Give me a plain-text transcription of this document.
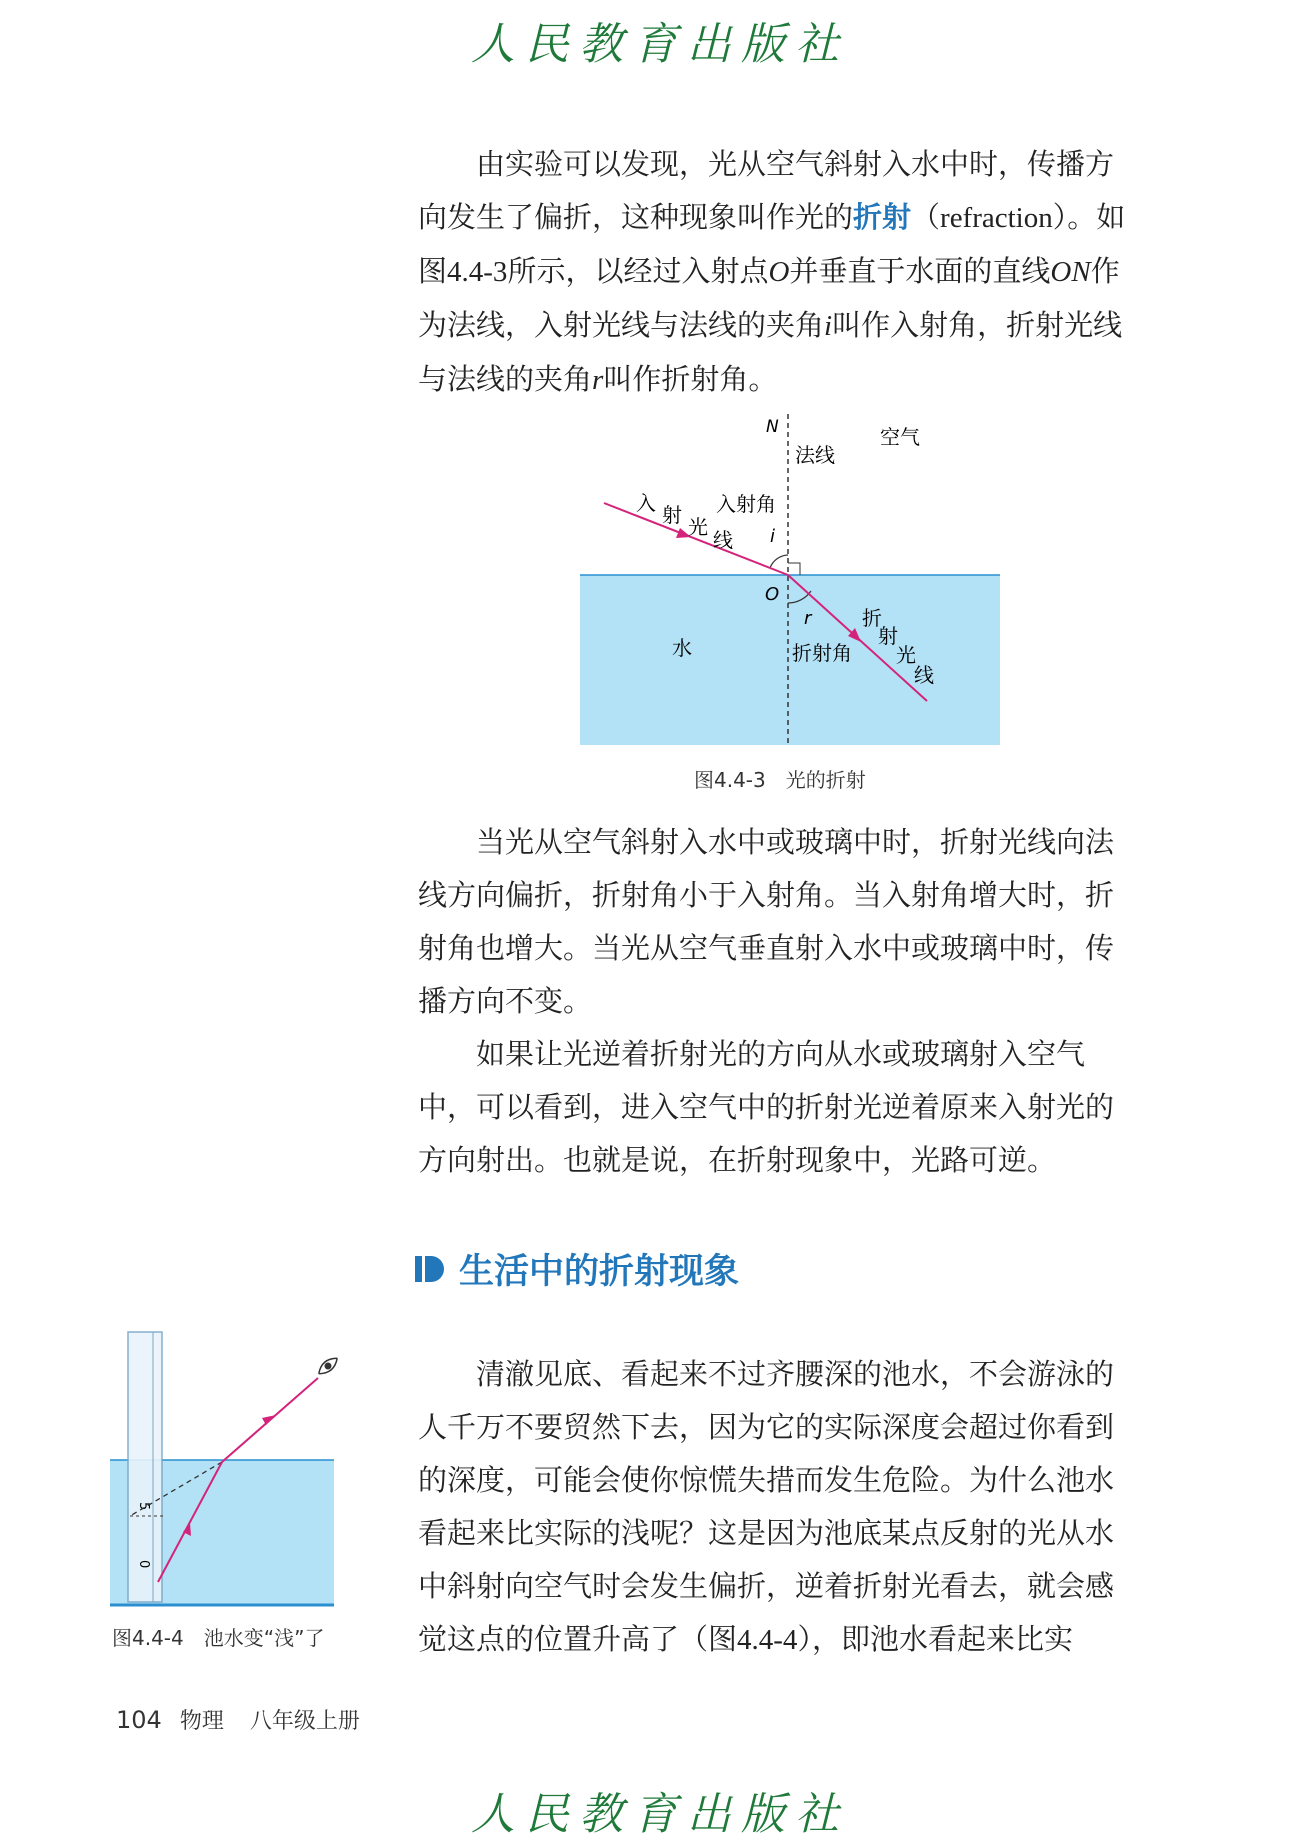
人民教育出版社

由实验可以发现，光从空气斜射入水中时，传播方向发生了偏折，这种现象叫作光的折射（refraction）。如图4.4-3所示，以经过入射点O并垂直于水面的直线ON作为法线，入射光线与法线的夹角i叫作入射角，折射光线与法线的夹角r叫作折射角。

N
法线
空气
入 射 光
线
入射角
i
O
r
水	折射角
折
射
光
线
图4.4-3　光的折射

当光从空气斜射入水中或玻璃中时，折射光线向法线方向偏折，折射角小于入射角。当入射角增大时，折射角也增大。当光从空气垂直射入水中或玻璃中时，传播方向不变。

如果让光逆着折射光的方向从水或玻璃射入空气中，可以看到，进入空气中的折射光逆着原来入射光的方向射出。也就是说，在折射现象中，光路可逆。

生活中的折射现象
5
0
图4.4-4　池水变“浅”了

清澈见底、看起来不过齐腰深的池水，不会游泳的人千万不要贸然下去，因为它的实际深度会超过你看到的深度，可能会使你惊慌失措而发生危险。为什么池水看起来比实际的浅呢？这是因为池底某点反射的光从水中斜射向空气时会发生偏折，逆着折射光看去，就会感觉这点的位置升高了（图4.4-4），即池水看起来比实

104 物理 八年级上册
人民教育出版社
